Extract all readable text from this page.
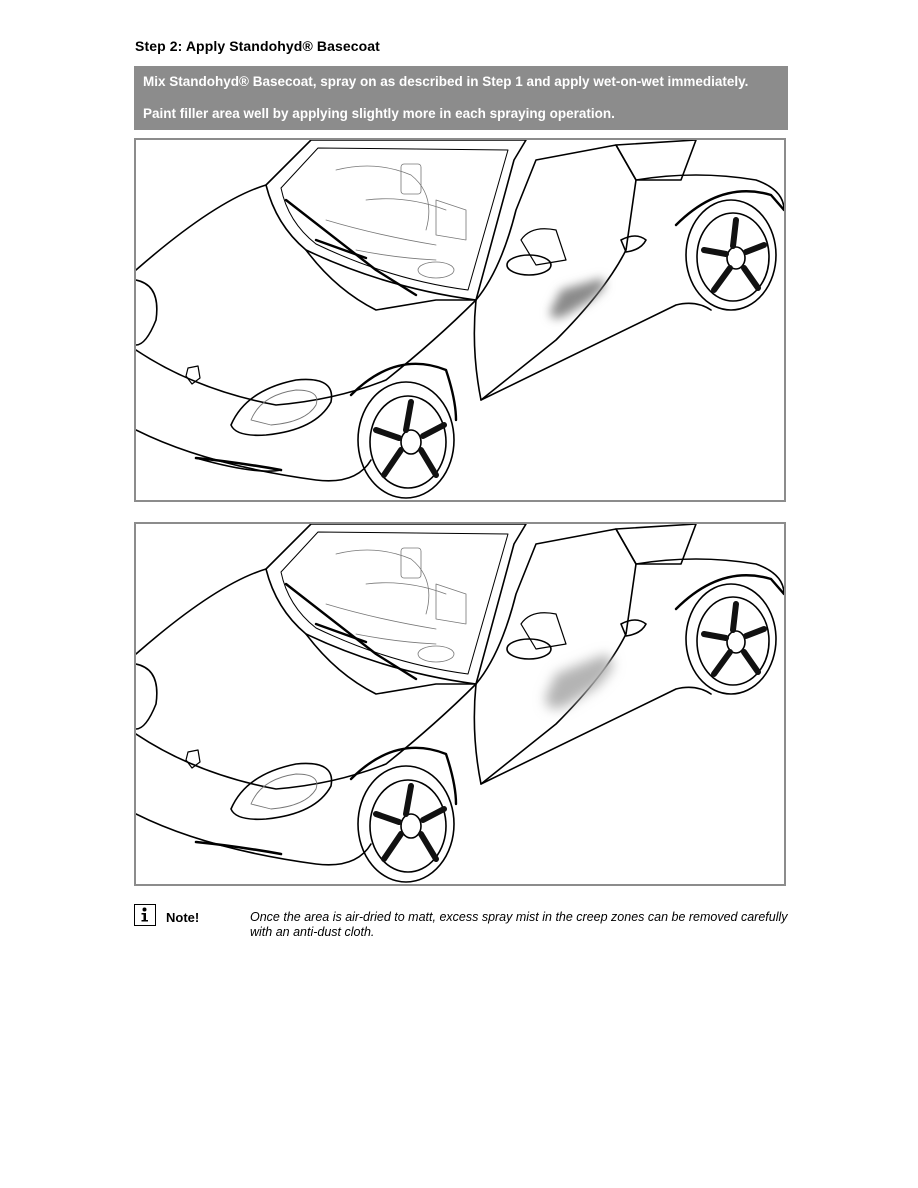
Step 2: Apply Standohyd® Basecoat

Mix Standohyd® Basecoat, spray on as described in Step 1 and apply wet-on-wet immediately.

Paint filler area well by applying slightly more in each spraying operation.

Note!	Once the area is air-dried to matt, excess spray mist in the creep zones can be removed carefully with an anti-dust cloth.
